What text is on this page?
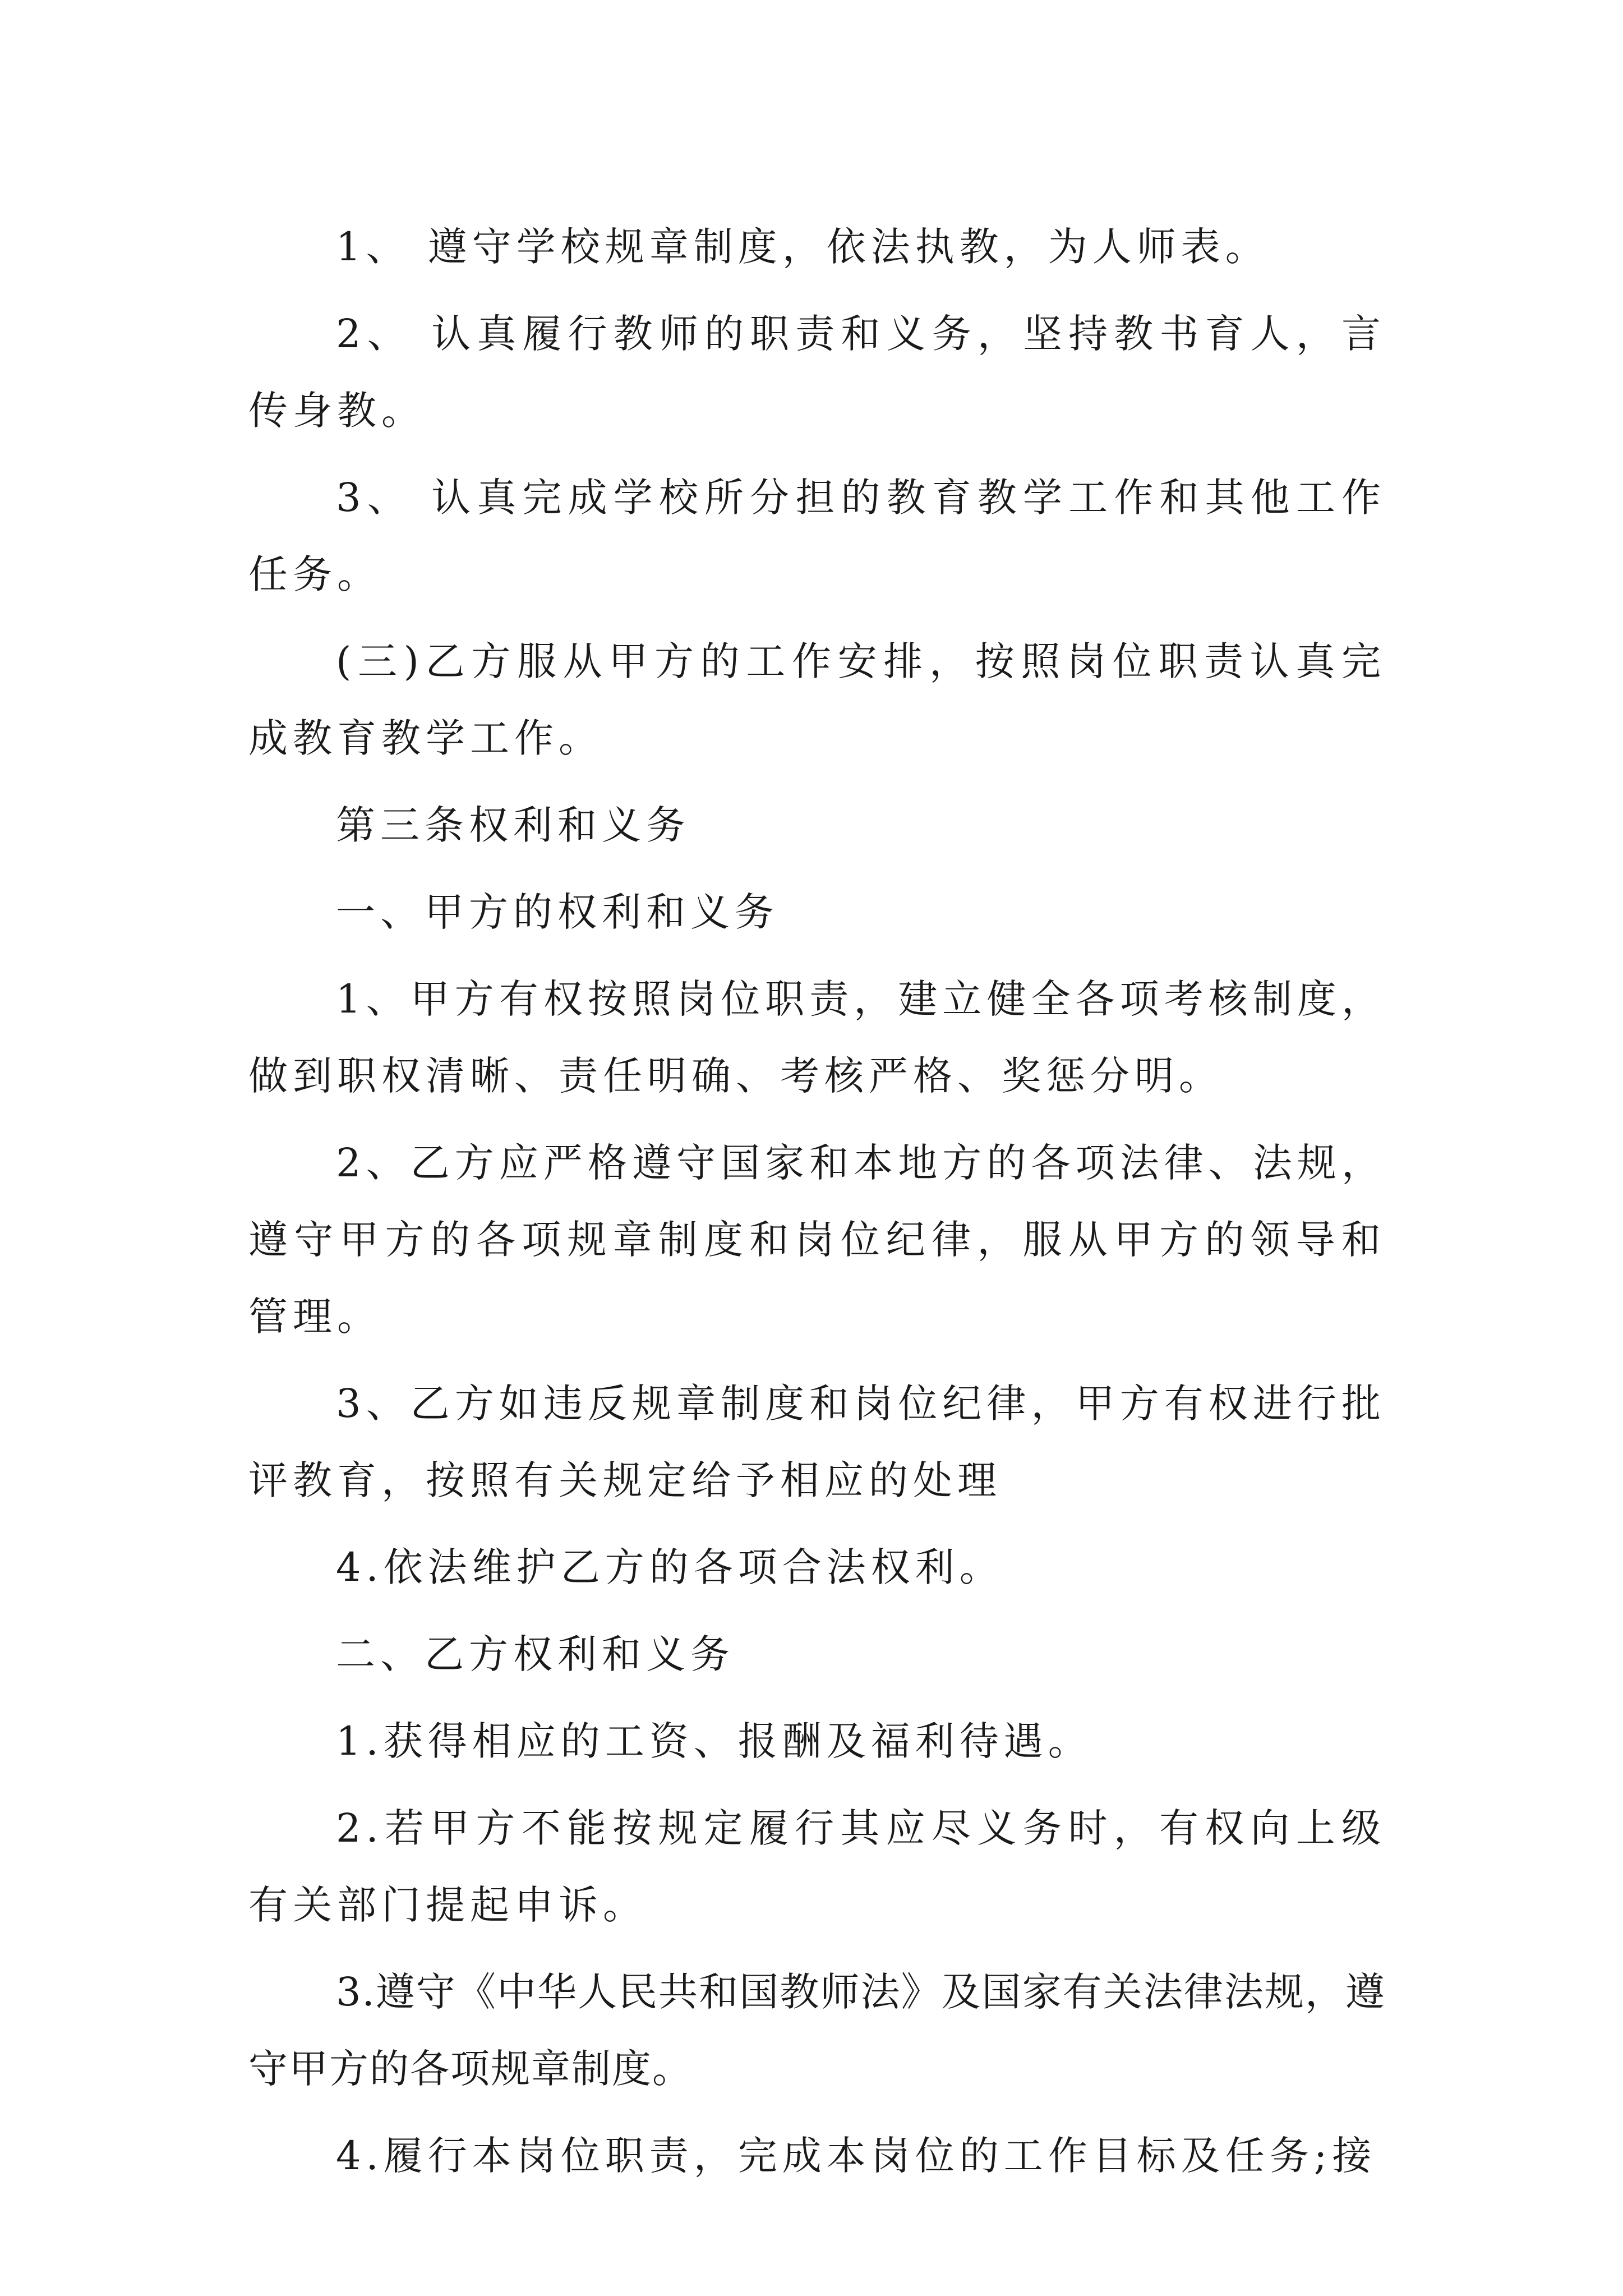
1、 遵守学校规章制度，依法执教，为人师表。

2、 认真履行教师的职责和义务，坚持教书育人，言传身教。

3、 认真完成学校所分担的教育教学工作和其他工作任务。

(三)乙方服从甲方的工作安排，按照岗位职责认真完成教育教学工作。

第三条权利和义务

一、甲方的权利和义务

1、甲方有权按照岗位职责，建立健全各项考核制度，做到职权清晰、责任明确、考核严格、奖惩分明。

2、乙方应严格遵守国家和本地方的各项法律、法规，遵守甲方的各项规章制度和岗位纪律，服从甲方的领导和管理。

3、乙方如违反规章制度和岗位纪律，甲方有权进行批评教育，按照有关规定给予相应的处理

4.依法维护乙方的各项合法权利。

二、乙方权利和义务

1.获得相应的工资、报酬及福利待遇。

2.若甲方不能按规定履行其应尽义务时，有权向上级有关部门提起申诉。

3.遵守《中华人民共和国教师法》及国家有关法律法规，遵守甲方的各项规章制度。

4.履行本岗位职责，完成本岗位的工作目标及任务;接
